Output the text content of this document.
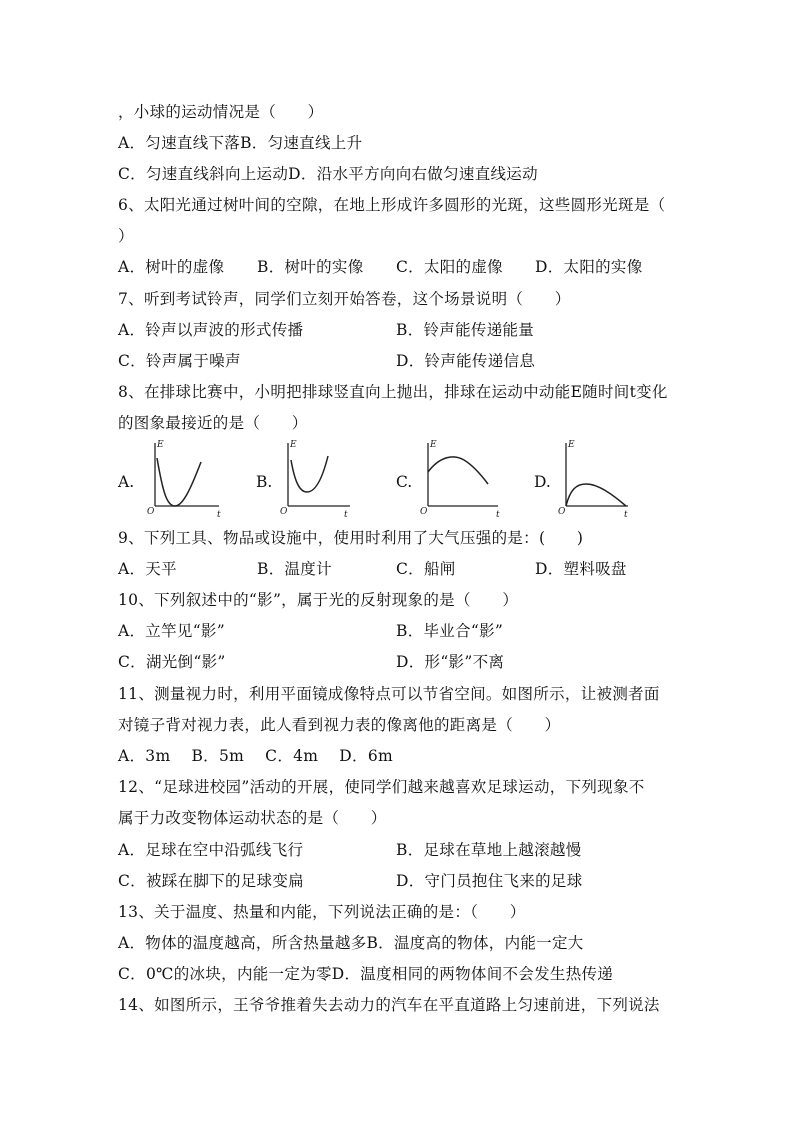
，小球的运动情况是（　　）
A．匀速直线下落B．匀速直线上升
C．匀速直线斜向上运动D．沿水平方向向右做匀速直线运动
6、太阳光通过树叶间的空隙，在地上形成许多圆形的光斑，这些圆形光斑是（
）
A．树叶的虚像 B．树叶的实像 C．太阳的虚像 D．太阳的实像
7、听到考试铃声，同学们立刻开始答卷，这个场景说明（　　）
A．铃声以声波的形式传播	B．铃声能传递能量
C．铃声属于噪声	D．铃声能传递信息
8、在排球比赛中，小明把排球竖直向上抛出，排球在运动中动能E随时间t变化
的图象最接近的是（　　）
A.
E
t
O
B.
E
t
O
C.
E
t
O
D.
E
t
O
9、下列工具、物品或设施中，使用时利用了大气压强的是：(　　)
A．天平	B．温度计	C．船闸	D．塑料吸盘
10、下列叙述中的“影”，属于光的反射现象的是（　　）
A．立竿见“影”	B．毕业合“影”
C．湖光倒“影”	D．形“影”不离
11、测量视力时，利用平面镜成像特点可以节省空间。如图所示，让被测者面
对镜子背对视力表，此人看到视力表的像离他的距离是（　　）
A．3m　 B．5m　 C．4m　 D．6m
12、“足球进校园”活动的开展，使同学们越来越喜欢足球运动，下列现象不
属于力改变物体运动状态的是（　　）
A．足球在空中沿弧线飞行	B．足球在草地上越滚越慢
C．被踩在脚下的足球变扁	D．守门员抱住飞来的足球
13、关于温度、热量和内能，下列说法正确的是：（　　）
A．物体的温度越高，所含热量越多B．温度高的物体，内能一定大
C．0℃的冰块，内能一定为零D．温度相同的两物体间不会发生热传递
14、如图所示，王爷爷推着失去动力的汽车在平直道路上匀速前进，下列说法
